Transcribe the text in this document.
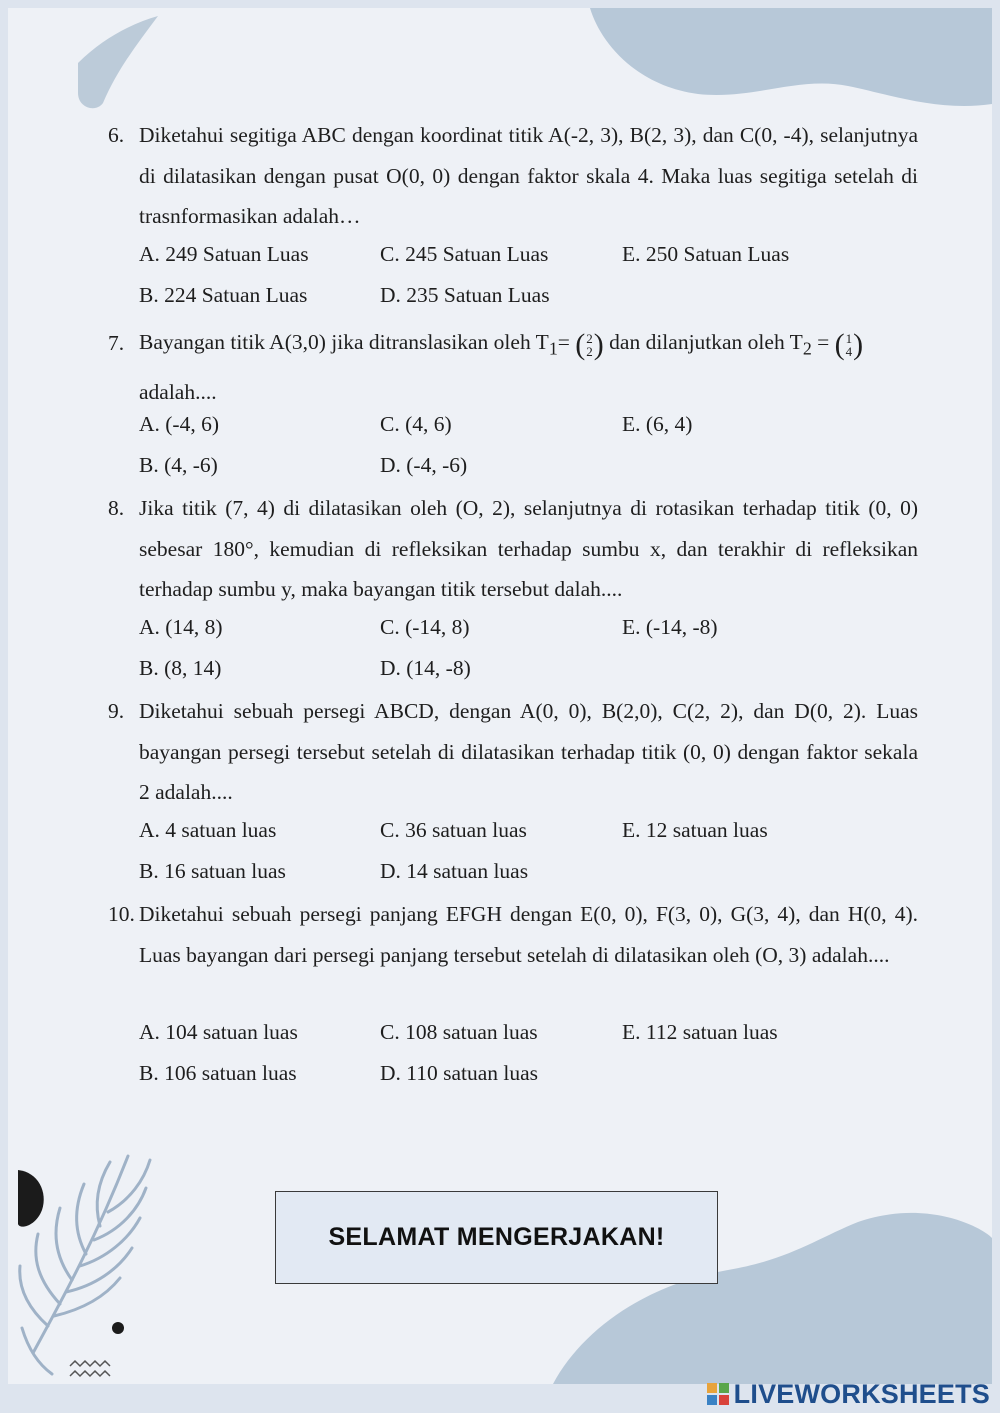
6. Diketahui segitiga ABC dengan koordinat titik A(-2, 3), B(2, 3), dan C(0, -4), selanjutnya di dilatasikan dengan pusat O(0, 0) dengan faktor skala 4. Maka luas segitiga setelah di trasnformasikan adalah…
A. 249 Satuan Luas	C. 245 Satuan Luas	E. 250 Satuan Luas
B. 224 Satuan Luas	D. 235 Satuan Luas
7. Bayangan titik A(3,0) jika ditranslasikan oleh $T_1=$ ( 2
2 ) dan dilanjutkan oleh $T_2$ = ( 1
4 )
adalah....
A. (-4, 6)	C. (4, 6)	E. (6, 4)
B. (4, -6)	D. (-4, -6)
8. Jika titik (7, 4) di dilatasikan oleh (O, 2), selanjutnya di rotasikan terhadap titik (0, 0) sebesar 180°, kemudian di refleksikan terhadap sumbu x, dan terakhir di refleksikan terhadap sumbu y, maka bayangan titik tersebut dalah....
A. (14, 8)	C. (-14, 8)	E. (-14, -8)
B. (8, 14)	D. (14, -8)
9. Diketahui sebuah persegi ABCD, dengan A(0, 0), B(2,0), C(2, 2), dan D(0, 2). Luas bayangan persegi tersebut setelah di dilatasikan terhadap titik (0, 0) dengan faktor sekala 2 adalah....
A. 4 satuan luas	C. 36 satuan luas	E. 12 satuan luas
B. 16 satuan luas	D. 14 satuan luas
10. Diketahui sebuah persegi panjang EFGH dengan E(0, 0), F(3, 0), G(3, 4), dan H(0, 4). Luas bayangan dari persegi panjang tersebut setelah di dilatasikan oleh (O, 3) adalah....
A. 104 satuan luas	C. 108 satuan luas	E. 112 satuan luas
B. 106 satuan luas	D. 110 satuan luas
SELAMAT MENGERJAKAN!
LIVEWORKSHEETS
